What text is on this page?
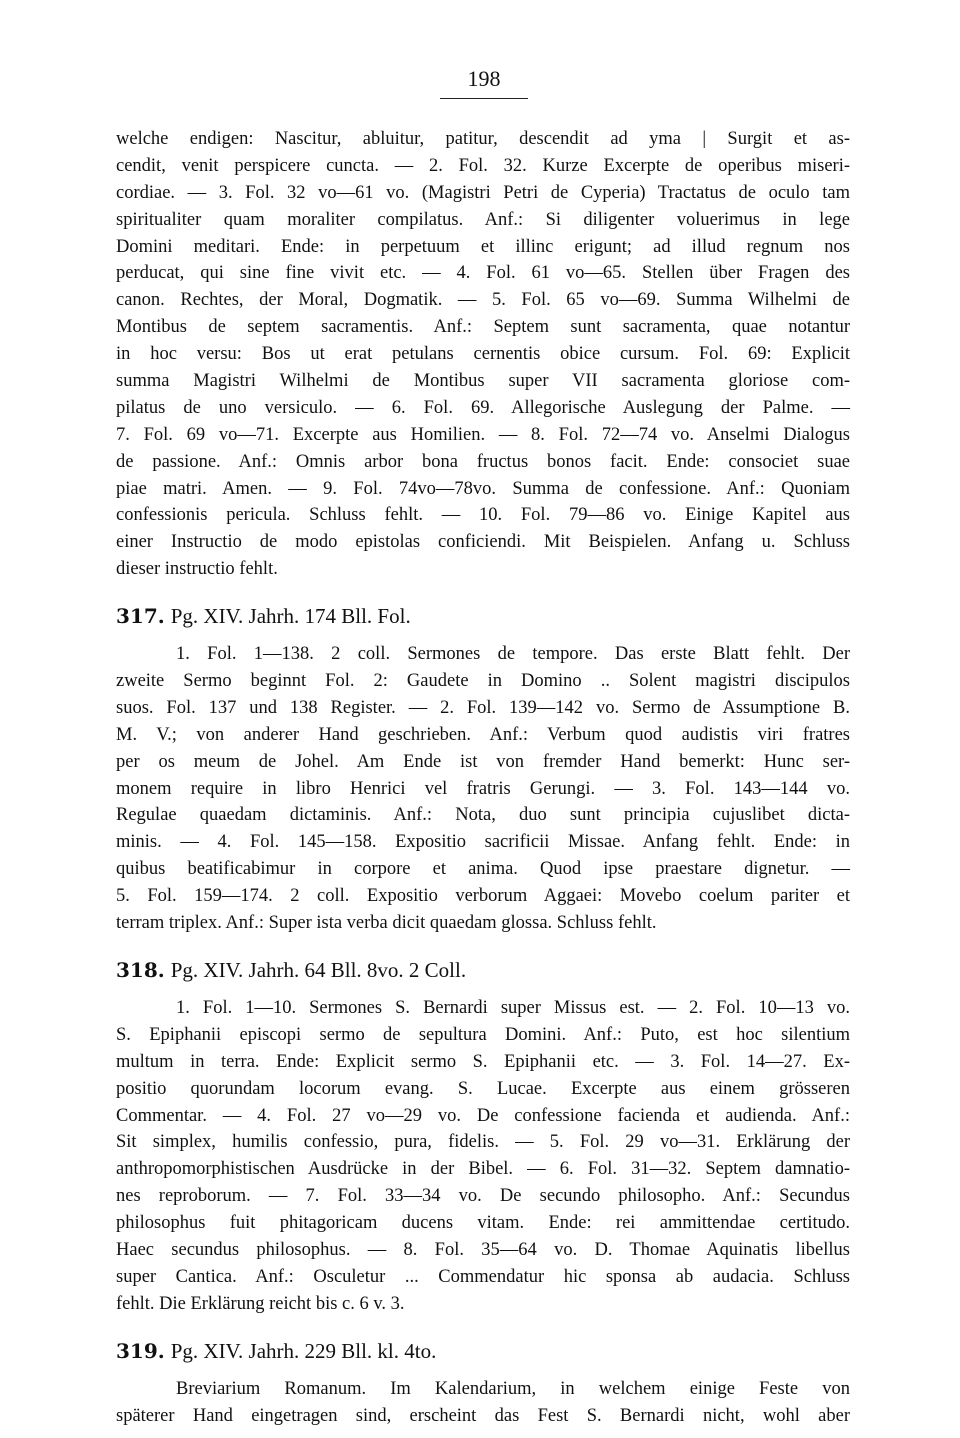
198
welche endigen: Nascitur, abluitur, patitur, descendit ad yma | Surgit et as-
cendit, venit perspicere cuncta. — 2. Fol. 32. Kurze Excerpte de operibus miseri-
cordiae. — 3. Fol. 32 vo—61 vo. (Magistri Petri de Cyperia) Tractatus de oculo tam
spiritualiter quam moraliter compilatus. Anf.: Si diligenter voluerimus in lege
Domini meditari. Ende: in perpetuum et illinc erigunt; ad illud regnum nos
perducat, qui sine fine vivit etc. — 4. Fol. 61 vo—65. Stellen über Fragen des
canon. Rechtes, der Moral, Dogmatik. — 5. Fol. 65 vo—69. Summa Wilhelmi de
Montibus de septem sacramentis. Anf.: Septem sunt sacramenta, quae notantur
in hoc versu: Bos ut erat petulans cernentis obice cursum. Fol. 69: Explicit
summa Magistri Wilhelmi de Montibus super VII sacramenta gloriose com-
pilatus de uno versiculo. — 6. Fol. 69. Allegorische Auslegung der Palme. —
7. Fol. 69 vo—71. Excerpte aus Homilien. — 8. Fol. 72—74 vo. Anselmi Dialogus
de passione. Anf.: Omnis arbor bona fructus bonos facit. Ende: consociet suae
piae matri. Amen. — 9. Fol. 74vo—78vo. Summa de confessione. Anf.: Quoniam
confessionis pericula. Schluss fehlt. — 10. Fol. 79—86 vo. Einige Kapitel aus
einer Instructio de modo epistolas conficiendi. Mit Beispielen. Anfang u. Schluss
dieser instructio fehlt.
317. Pg. XIV. Jahrh. 174 Bll. Fol.
1. Fol. 1—138. 2 coll. Sermones de tempore. Das erste Blatt fehlt. Der
zweite Sermo beginnt Fol. 2: Gaudete in Domino .. Solent magistri discipulos
suos. Fol. 137 und 138 Register. — 2. Fol. 139—142 vo. Sermo de Assumptione B.
M. V.; von anderer Hand geschrieben. Anf.: Verbum quod audistis viri fratres
per os meum de Johel. Am Ende ist von fremder Hand bemerkt: Hunc ser-
monem require in libro Henrici vel fratris Gerungi. — 3. Fol. 143—144 vo.
Regulae quaedam dictaminis. Anf.: Nota, duo sunt principia cujuslibet dicta-
minis. — 4. Fol. 145—158. Expositio sacrificii Missae. Anfang fehlt. Ende: in
quibus beatificabimur in corpore et anima. Quod ipse praestare dignetur. —
5. Fol. 159—174. 2 coll. Expositio verborum Aggaei: Movebo coelum pariter et
terram triplex. Anf.: Super ista verba dicit quaedam glossa. Schluss fehlt.
318. Pg. XIV. Jahrh. 64 Bll. 8vo. 2 Coll.
1. Fol. 1—10. Sermones S. Bernardi super Missus est. — 2. Fol. 10—13 vo.
S. Epiphanii episcopi sermo de sepultura Domini. Anf.: Puto, est hoc silentium
multum in terra. Ende: Explicit sermo S. Epiphanii etc. — 3. Fol. 14—27. Ex-
positio quorundam locorum evang. S. Lucae. Excerpte aus einem grösseren
Commentar. — 4. Fol. 27 vo—29 vo. De confessione facienda et audienda. Anf.:
Sit simplex, humilis confessio, pura, fidelis. — 5. Fol. 29 vo—31. Erklärung der
anthropomorphistischen Ausdrücke in der Bibel. — 6. Fol. 31—32. Septem damnatio-
nes reproborum. — 7. Fol. 33—34 vo. De secundo philosopho. Anf.: Secundus
philosophus fuit phitagoricam ducens vitam. Ende: rei ammittendae certitudo.
Haec secundus philosophus. — 8. Fol. 35—64 vo. D. Thomae Aquinatis libellus
super Cantica. Anf.: Osculetur ... Commendatur hic sponsa ab audacia. Schluss
fehlt. Die Erklärung reicht bis c. 6 v. 3.
319. Pg. XIV. Jahrh. 229 Bll. kl. 4to.
Breviarium Romanum. Im Kalendarium, in welchem einige Feste von
späterer Hand eingetragen sind, erscheint das Fest S. Bernardi nicht, wohl aber
